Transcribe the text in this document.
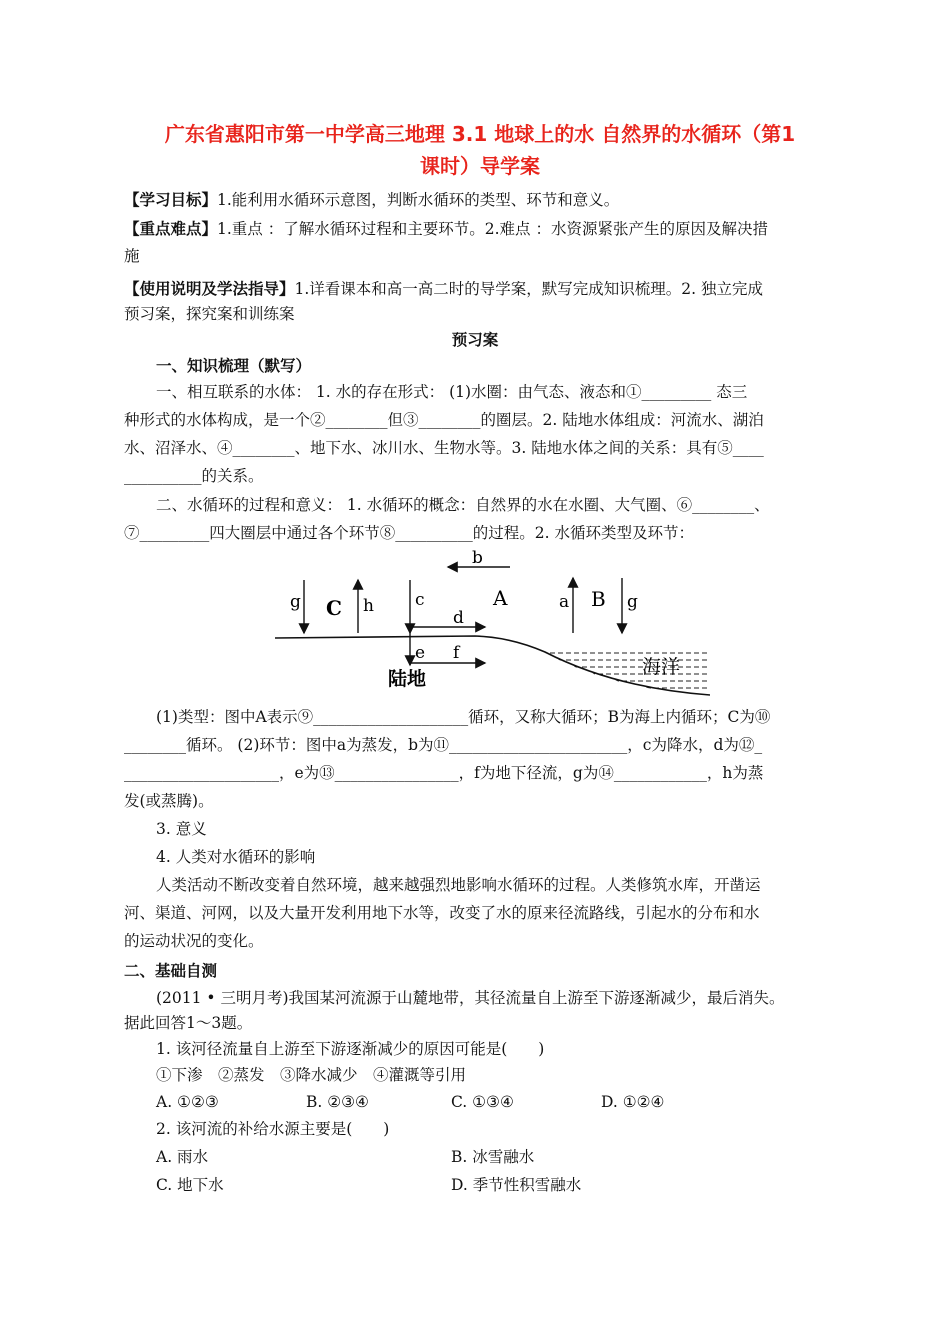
广东省惠阳市第一中学高三地理 3.1 地球上的水 自然界的水循环（第1
课时）导学案
【学习目标】1.能利用水循环示意图，判断水循环的类型、环节和意义。
【重点难点】1.重点 ：了解水循环过程和主要环节。2.难点 ：水资源紧张产生的原因及解决措
施
【使用说明及学法指导】1.详看课本和高一高二时的导学案，默写完成知识梳理。2. 独立完成
预习案，探究案和训练案
预习案
一、知识梳理（默写）
一、相互联系的水体： 1. 水的存在形式： (1)水圈：由气态、液态和①_________ 态三
种形式的水体构成，是一个②________但③________的圈层。2. 陆地水体组成：河流水、湖泊
水、沼泽水、④________、地下水、冰川水、生物水等。3. 陆地水体之间的关系：具有⑤____
__________的关系。
二、水循环的过程和意义： 1. 水循环的概念：自然界的水在水圈、大气圈、⑥________、
⑦_________四大圈层中通过各个环节⑧__________的过程。2. 水循环类型及环节：
b
g C h c
d
A
e f
a B g
陆地
海洋
(1)类型：图中A表示⑨____________________循环，又称大循环；B为海上内循环；C为⑩
________循环。 (2)环节：图中a为蒸发，b为⑪_______________________，c为降水，d为⑫_
____________________，e为⑬________________，f为地下径流，g为⑭____________，h为蒸
发(或蒸腾)。
3. 意义
4. 人类对水循环的影响
人类活动不断改变着自然环境，越来越强烈地影响水循环的过程。人类修筑水库，开凿运
河、渠道、河网，以及大量开发利用地下水等，改变了水的原来径流路线，引起水的分布和水
的运动状况的变化。
二、基础自测
(2011 • 三明月考)我国某河流源于山麓地带，其径流量自上游至下游逐渐减少，最后消失。
据此回答1～3题。
1. 该河径流量自上游至下游逐渐减少的原因可能是(　　)
①下渗　②蒸发　③降水减少　④灌溉等引用
A. ①②③	B. ②③④	C. ①③④	D. ①②④
2. 该河流的补给水源主要是(　　)
A. 雨水	B. 冰雪融水
C. 地下水	D. 季节性积雪融水
